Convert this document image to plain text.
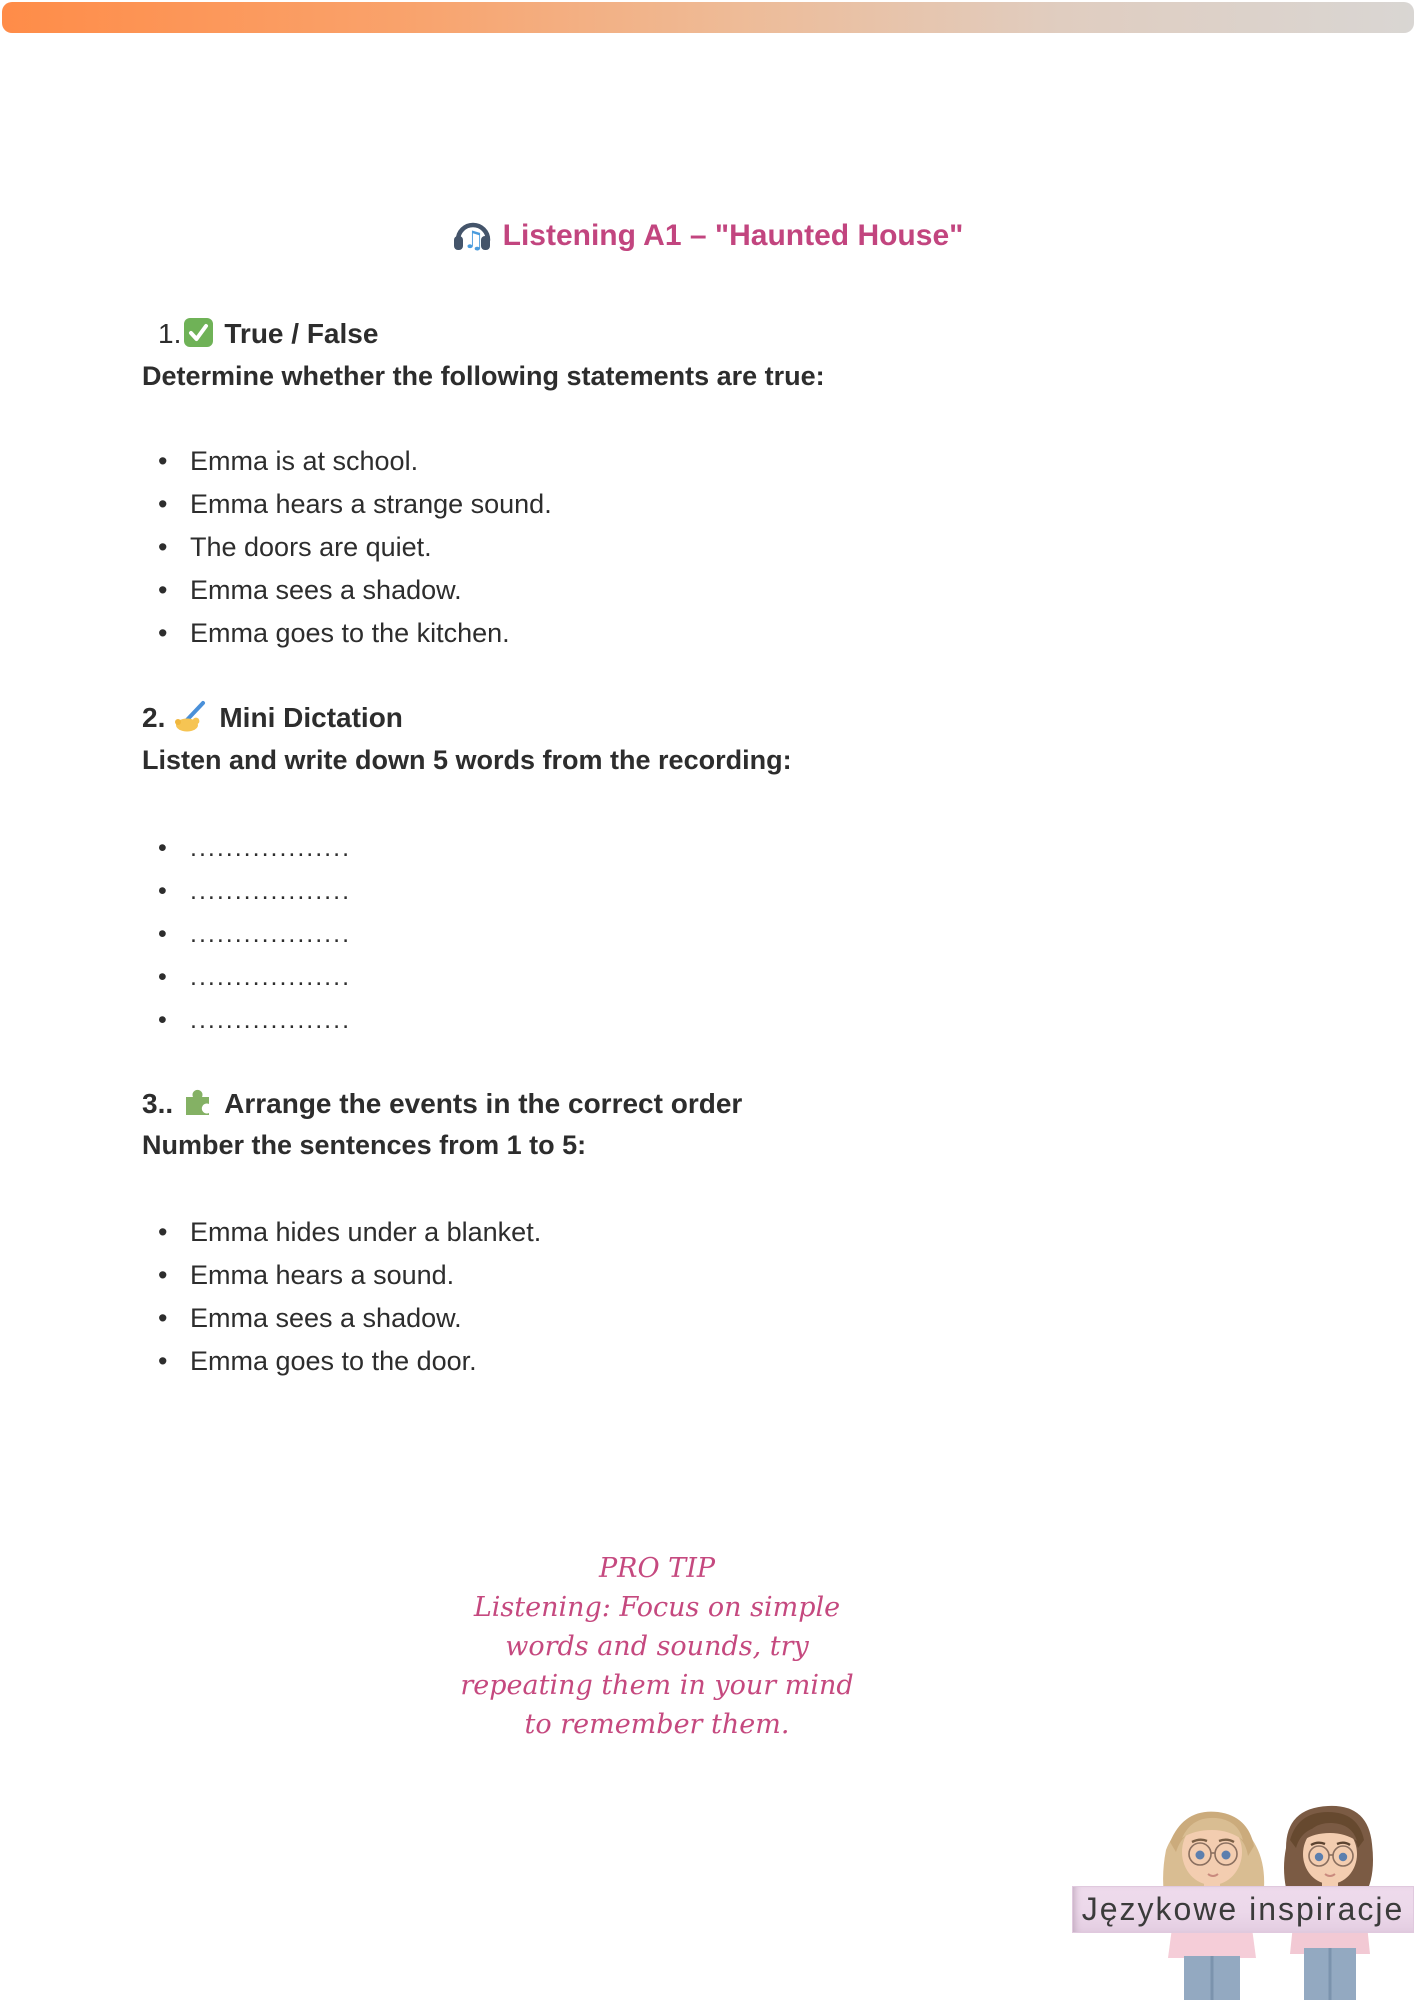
♫ Listening A1 – "Haunted House"
1. True / False
Determine whether the following statements are true:
• Emma is at school.
• Emma hears a strange sound.
• The doors are quiet.
• Emma sees a shadow.
• Emma goes to the kitchen.
2. Mini Dictation
Listen and write down 5 words from the recording:
• ..................
• ..................
• ..................
• ..................
• ..................
3.. Arrange the events in the correct order
Number the sentences from 1 to 5:
• Emma hides under a blanket.
• Emma hears a sound.
• Emma sees a shadow.
• Emma goes to the door.
PRO TIP
Listening: Focus on simple
words and sounds, try
repeating them in your mind
to remember them.
Językowe inspiracje
